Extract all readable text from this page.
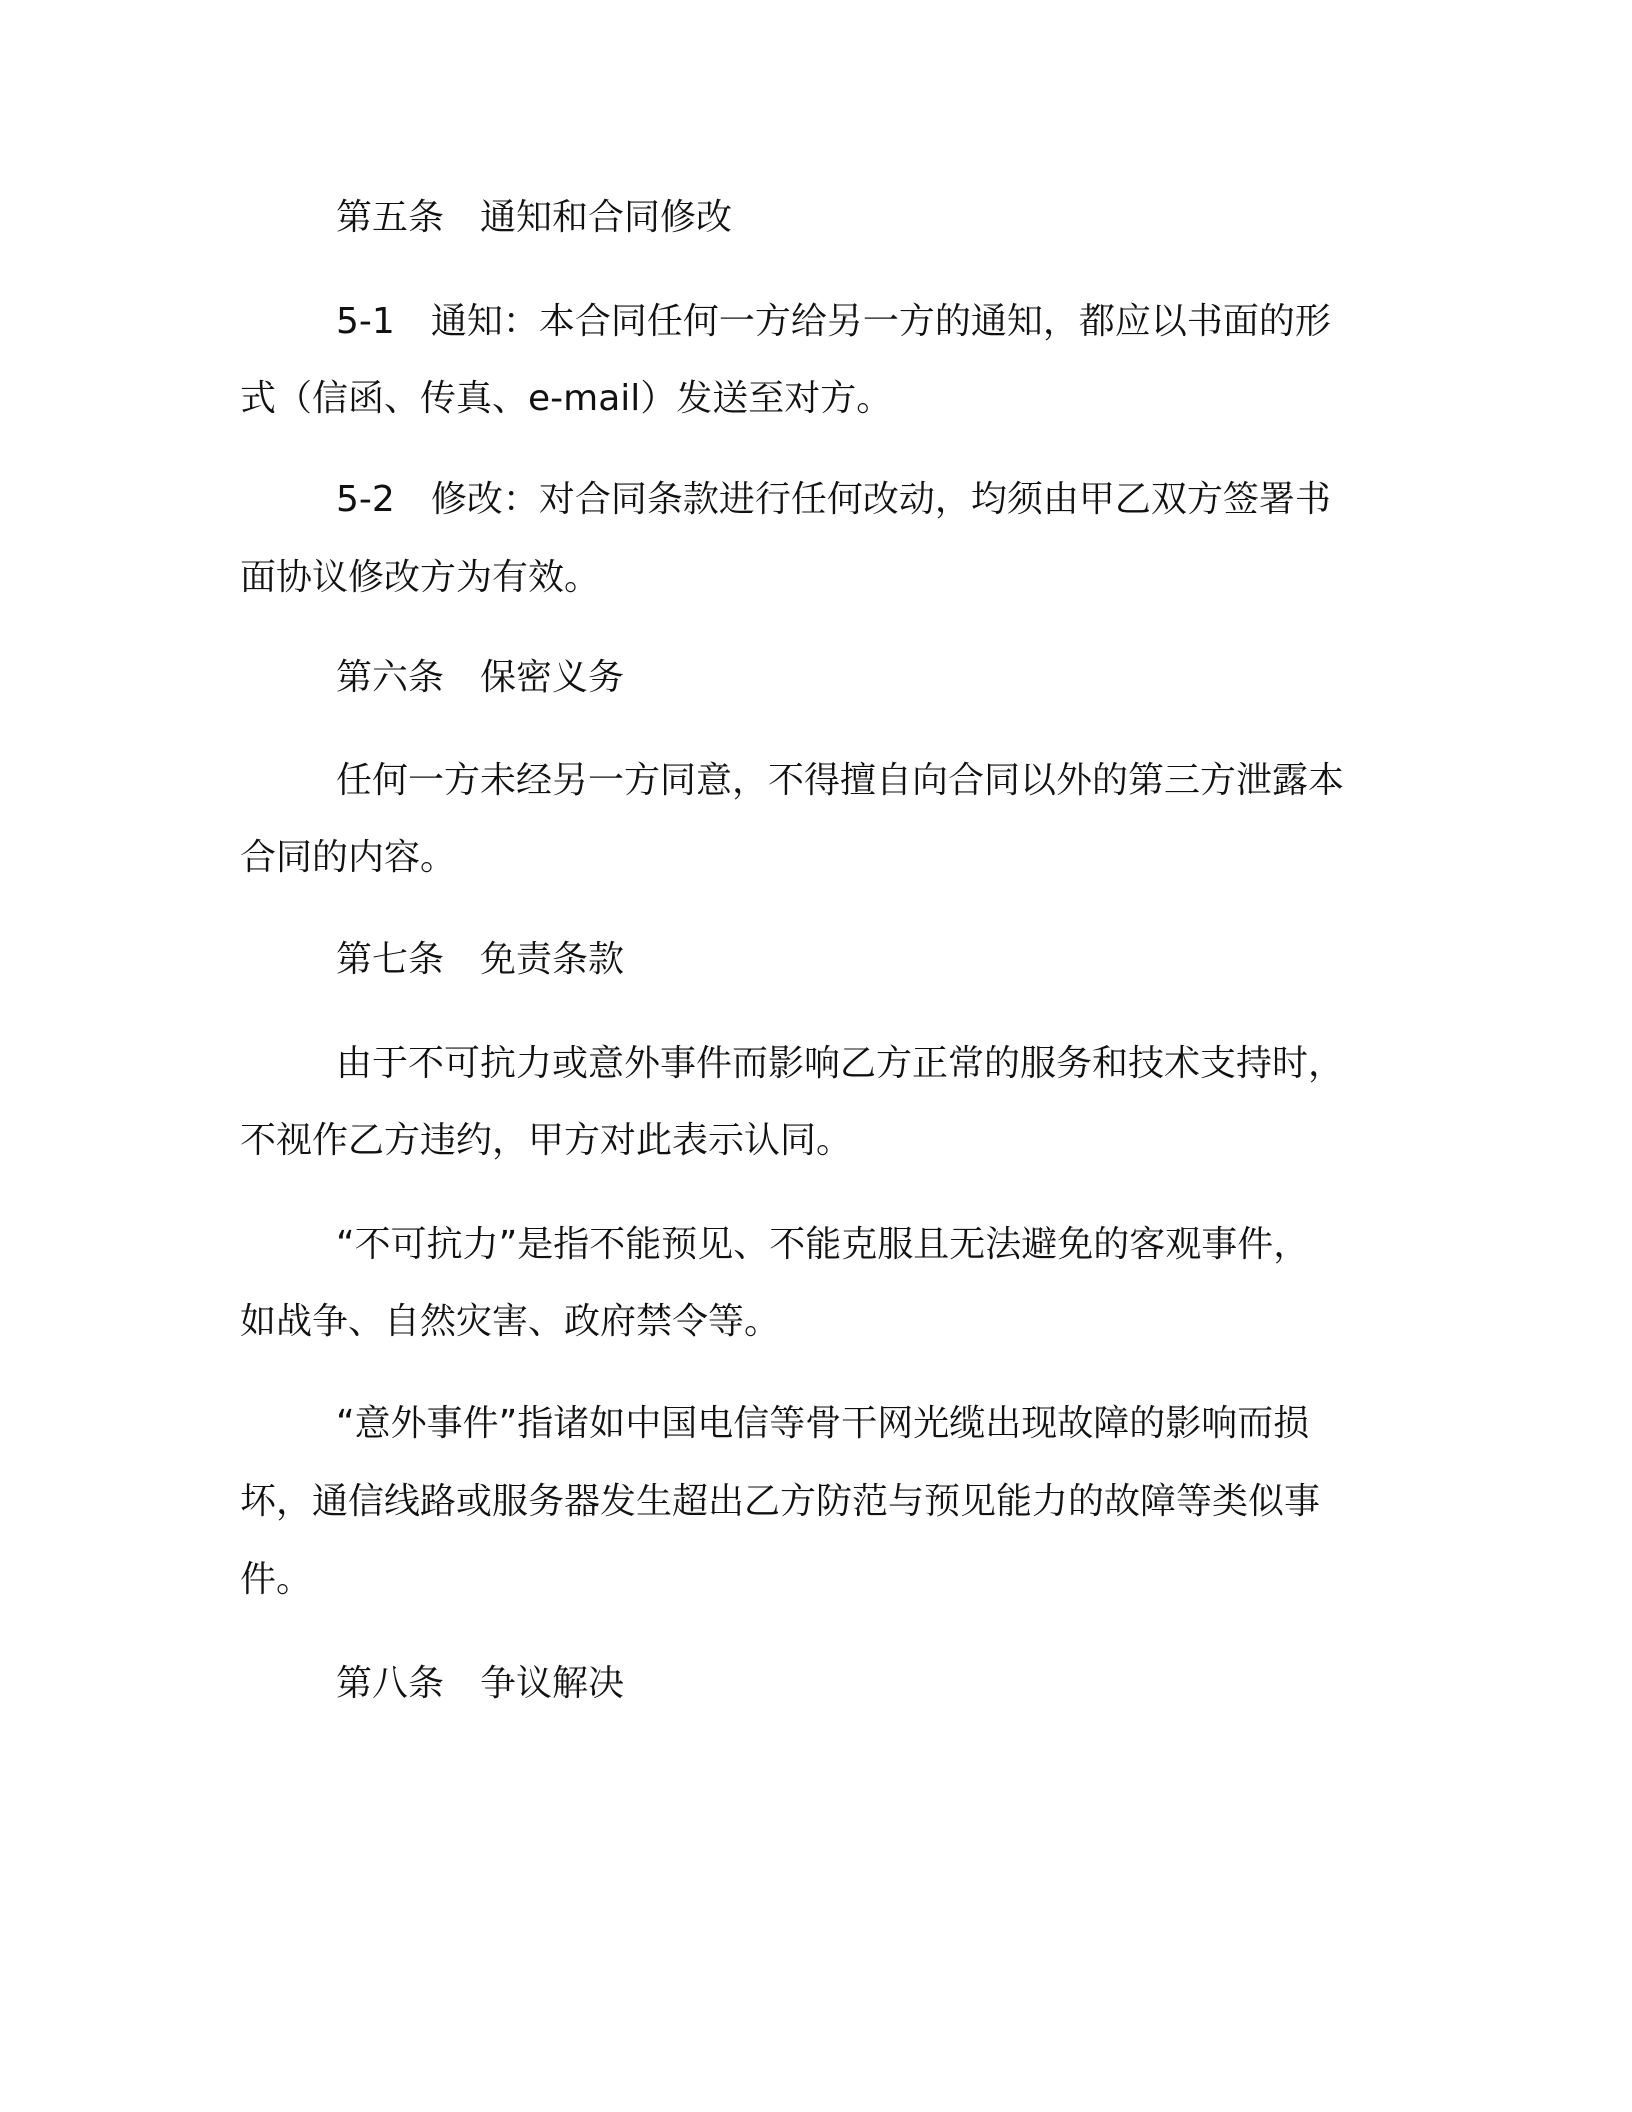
第五条 通知和合同修改
5-1 通知：本合同任何一方给另一方的通知，都应以书面的形
式（信函、传真、e-mail）发送至对方。
5-2 修改：对合同条款进行任何改动，均须由甲乙双方签署书
面协议修改方为有效。
第六条 保密义务
任何一方未经另一方同意，不得擅自向合同以外的第三方泄露本
合同的内容。
第七条 免责条款
由于不可抗力或意外事件而影响乙方正常的服务和技术支持时，
不视作乙方违约，甲方对此表示认同。
“不可抗力”是指不能预见、不能克服且无法避免的客观事件，
如战争、自然灾害、政府禁令等。
“意外事件”指诸如中国电信等骨干网光缆出现故障的影响而损
坏，通信线路或服务器发生超出乙方防范与预见能力的故障等类似事
件。
第八条 争议解决
